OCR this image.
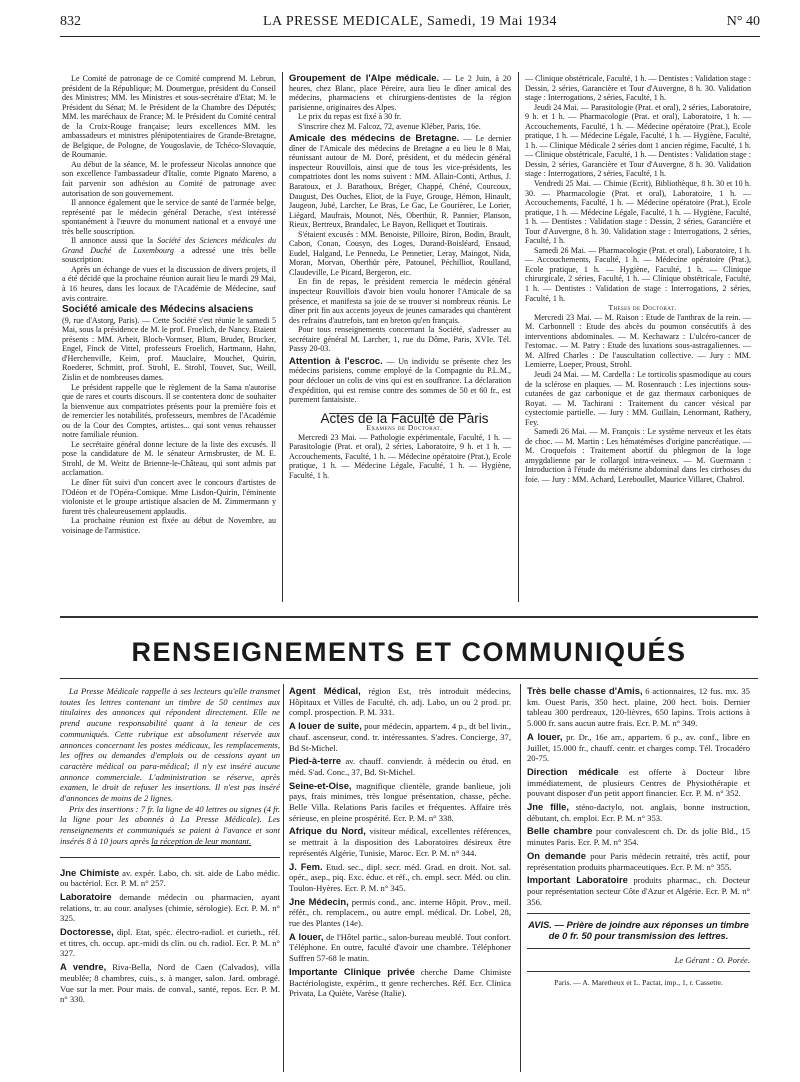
832	LA PRESSE MEDICALE, Samedi, 19 Mai 1934	N° 40

Le Comité de patronage de ce Comité comprend M. Lebrun, président de la République; M. Doumergue, président du Conseil des Ministres; MM. les Ministres et sous-secrétaire d'Etat; M. le Président du Sénat; M. le Président de la Chambre des Députés; MM. les maréchaux de France; M. le Président du Comité central de la Croix-Rouge française; leurs excellences MM. les ambassadeurs et ministres plénipotentiaires de Grande-Bretagne, de Belgique, de Pologne, de Yougoslavie, de Tchéco-Slovaquie, de Roumanie.

Au début de la séance, M. le professeur Nicolas annonce que son excellence l'ambassadeur d'Italie, comte Pignato Mareno, a fait parvenir son adhésion au Comité de patronage avec autorisation de son gouvernement.

Il annonce également que le service de santé de l'armée belge, représenté par le médecin général Derache, s'est intéressé spontanément à l'œuvre du monument national et a envoyé une très belle souscription.

Il annonce aussi que la Société des Sciences médicales du Grand Duché de Luxembourg a adressé une très belle souscription.

Après un échange de vues et la discussion de divers projets, il a été décidé que la prochaine réunion aurait lieu le mardi 29 Mai, à 16 heures, dans les locaux de l'Académie de Médecine, sauf avis contraire.

Société amicale des Médecins alsaciens

(9, rue d'Astorg, Paris). — Cette Société s'est réunie le samedi 5 Mai, sous la présidence de M. le prof. Froelich, de Nancy. Etaient présents : MM. Arbeit, Bloch-Vormser, Blum, Bruder, Brucker, Engel, Finck de Vittel, professeurs Froelich, Hartmann, Hahn, d'Herchenville, Keim, prof. Mauclaire, Mouchet, Quirin, Roederer, Schmitt, prof. Strohl, E. Strohl, Touvet, Suc, Weill, Zislin et de nombreuses dames.

Le président rappelle que le règlement de la Sama n'autorise que de rares et courts discours. Il se contentera donc de souhaiter la bienvenue aux compatriotes présents pour la première fois et de remercier les notabilités, professeurs, membres de l'Académie ou de la Cour des Comptes, artistes... qui sont venus rehausser notre familiale réunion.

Le secrétaire général donne lecture de la liste des excusés. Il pose la candidature de M. le sénateur Armsbruster, de M. E. Strohl, de M. Weitz de Brienne-le-Château, qui sont admis par acclamation.

Le dîner fût suivi d'un concert avec le concours d'artistes de l'Odéon et de l'Opéra-Comique. Mme Lisdon-Quirin, l'éminente violoniste et le groupe artistique alsacien de M. Zimmermann y furent très chaleureusement applaudis.

La prochaine réunion est fixée au début de Novembre, au voisinage de l'armistice.

Groupement de l'Alpe médicale. — Le 2 Juin, à 20 heures, chez Blanc, place Péreire, aura lieu le dîner amical des médecins, pharmaciens et chirurgiens-dentistes de la région parisienne, originaires des Alpes.

Le prix du repas est fixé à 30 fr.

S'inscrire chez M. Falcoz, 72, avenue Kléber, Paris, 16e.

Amicale des médecins de Bretagne. — Le dernier dîner de l'Amicale des médecins de Bretagne a eu lieu le 8 Mai, réunissant autour de M. Doré, président, et du médecin général inspecteur Rouvillois, ainsi que de tous les vice-présidents, les compatriotes dont les noms suivent : MM. Allain-Conti, Arthus, J. Baratoux, et J. Barathoux, Bréger, Chappé, Chéné, Courcoux, Daugust, Des Ouches, Eliot, de la Fuye, Grouge, Hémon, Hinault, Jaugeon, Jubé, Larcher, Le Bras, Le Gac, Le Gourièrec, Le Lorier, Liégard, Maufrais, Mounot, Nés, Oberthür, R. Pannier, Planson, Rieux, Bertreux, Brandalec, Le Bayon, Relliquet et Toutirais.

S'étaient excusés : MM. Benoiste, Pilloire, Biron, Bodin, Brault, Cabon, Conan, Cousyn, des Loges, Durand-Boisléard, Ensaud, Eudel, Halgand, Le Pennedu, Le Pennetier, Leray, Maingot, Nida, Moran, Morvan, Oberthür père, Patounel, Péchilliot, Roulland, Claudeville, Le Picard, Bergeron, etc.

En fin de repas, le président remercia le médecin général inspecteur Rouvillois d'avoir bien voulu honorer l'Amicale de sa présence, et manifesta sa joie de se trouver si nombreux réunis. Le dîner prit fin aux accents joyeux de jeunes camarades qui chantèrent des refrains d'autrefois, tant en breton qu'en français.

Pour tous renseignements concernant la Société, s'adresser au secrétaire général M. Larcher, 1, rue du Dôme, Paris, XVIe. Tél. Passy 20-03.

Attention à l'escroc. — Un individu se présente chez les médecins parisiens, comme employé de la Compagnie du P.L.M., pour déclouer un colis de vins qui est en souffrance. La déclaration d'expédition, qui est remise contre des sommes de 50 et 60 fr., est purement fantaisiste.

Actes de la Faculté de Paris

Examens de Doctorat.

Mercredi 23 Mai. — Pathologie expérimentale, Faculté, 1 h. — Parasitologie (Prat. et oral), 2 séries, Laboratoire, 9 h. et 1 h. — Accouchements, Faculté, 1 h. — Médecine opératoire (Prat.), Ecole pratique, 1 h. — Médecine Légale, Faculté, 1 h. — Hygiène, Faculté, 1 h.

— Clinique obstétricale, Faculté, 1 h. — Dentistes : Validation stage : Dessin, 2 séries, Garancière et Tour d'Auvergne, 8 h. 30. Validation stage : Interrogations, 2 séries, Faculté, 1 h.

Jeudi 24 Mai. — Parasitologie (Prat. et oral), 2 séries, Laboratoire, 9 h. et 1 h. — Pharmacologie (Prat. et oral), Laboratoire, 1 h. — Accouchements, Faculté, 1 h. — Médecine opératoire (Prat.), Ecole pratique, 1 h. — Médecine Légale, Faculté, 1 h. — Hygiène, Faculté, 1 h. — Clinique Médicale 2 séries dont 1 ancien régime, Faculté, 1 h. — Clinique obstétricale, Faculté, 1 h. — Dentistes : Validation stage : Dessin, 2 séries, Garancière et Tour d'Auvergne, 8 h. 30. Validation stage : Interrogations, 2 séries, Faculté, 1 h.

Vendredi 25 Mai. — Chimie (Ecrit), Bibliothèque, 8 h. 30 et 10 h. 30. — Pharmacologie (Prat. et oral), Laboratoire, 1 h. — Accouchements, Faculté, 1 h. — Médecine opératoire (Prat.), Ecole pratique, 1 h. — Médecine Légale, Faculté, 1 h. — Hygiène, Faculté, 1 h. — Dentistes : Validation stage : Dessin, 2 séries, Garancière et Tour d'Auvergne, 8 h. 30. Validation stage : Interrogations, 2 séries, Faculté, 1 h.

Samedi 26 Mai. — Pharmacologie (Prat. et oral), Laboratoire, 1 h. — Accouchements, Faculté, 1 h. — Médecine opératoire (Prat.), Ecole pratique, 1 h. — Hygiène, Faculté, 1 h. — Clinique chirurgicale, 2 séries, Faculté, 1 h. — Clinique obstétricale, Faculté, 1 h. — Dentistes : Validation de stage : Interrogations, 2 séries, Faculté, 1 h.

Thèses de Doctorat.

Mercredi 23 Mai. — M. Raison : Etude de l'anthrax de la rein. — M. Carbonnell : Etude des abcès du poumon consécutifs à des interventions abdominales. — M. Kechawarz : L'ulcéro-cancer de l'estomac. — M. Patry : Etude des luxations sous-astragaliennes. — M. Alfred Charles : De l'auscultation collective. — Jury : MM. Lemierre, Loeper, Proust, Strohl.

Jeudi 24 Mai. — M. Cardella : Le torticolis spasmodique au cours de la sclérose en plaques. — M. Rosenrauch : Les injections sous-cutanées de gaz carbonique et de gaz thermaux carboniques de Royat. — M. Tachirani : Traitement du cancer vésical par cystectomie partielle. — Jury : MM. Guillain, Lenormant, Rathery, Fey.

Samedi 26 Mai. — M. François : Le système nerveux et les états de choc. — M. Martin : Les hématémèses d'origine pancréatique. — M. Croquefois : Traitement abortif du phlegmon de la loge amygdalienne par le collargol intra-veineux. — M. Guermann : Introduction à l'étude du métérisme abdominal dans les cirrhoses du foie. — Jury : MM. Achard, Lereboullet, Maurice Villaret, Chabrol.

RENSEIGNEMENTS ET COMMUNIQUÉS

La Presse Médicale rappelle à ses lecteurs qu'elle transmet toutes les lettres contenant un timbre de 50 centimes aux titulaires des annonces qui répondent directement. Elle ne prend aucune responsabilité quant à la teneur de ces communiqués. Cette rubrique est absolument réservée aux annonces concernant les postes médicaux, les remplacements, les offres ou demandes d'emplois ou de cessions ayant un caractère médical ou para-médical; il n'y est inséré aucune annonce commerciale. L'administration se réserve, après examen, le droit de refuser les insertions. Il n'est pas inséré d'annonces de moins de 2 lignes.

Prix des insertions : 7 fr. la ligne de 40 lettres ou signes (4 fr. la ligne pour les abonnés à La Presse Médicale). Les renseignements et communiqués se paient à l'avance et sont insérés 8 à 10 jours après la réception de leur montant.

Jne Chimiste av. expér. Labo, ch. sit. aide de Labo médic. ou bactériol. Ecr. P. M. n° 257.

Laboratoire demande médecin ou pharmacien, ayant relations, tr. au cour. analyses (chimie, sérologie). Ecr. P. M. n° 325.

Doctoresse, dipl. Etat, spéc. électro-radiol. et curieth., réf. et titres, ch. occup. apr.-midi ds clin. ou ch. radiol. Ecr. P. M. n° 327.

A vendre, Riva-Bella, Nord de Caen (Calvados), villa meublée; 8 chambres, cuis., s. à manger, salon. Jard. ombragé. Vue sur la mer. Pour mais. de conval., santé, repos. Ecr. P. M. n° 330.

Agent Médical, région Est, très introduit médecins, Hôpitaux et Villes de Faculté, ch. adj. Labo, un ou 2 prod. pr. compl. prospection. P. M. 331.

A louer de suite, pour médecin, appartem. 4 p., dt bel livin., chauf. ascenseur, cond. tr. intéressantes. S'adres. Concierge, 37, Bd St-Michel.

Pied-à-terre av. chauff. conviendr. à médecin ou étud. en méd. S'ad. Conc., 37, Bd. St-Michel.

Seine-et-Oise, magnifique clientèle, grande banlieue, joli pays, frais minimes, très longue présentation, chasse, pêche. Belle Villa. Relations Paris faciles et fréquentes. Affaire très sérieuse, en pleine prospérité. Ecr. P. M. n° 338.

Afrique du Nord, visiteur médical, excellentes références, se mettrait à la disposition des Laboratoires désireux être représentés Algérie, Tunisie, Maroc. Ecr. P. M. n° 344.

J. Fem. Etud. sec., dipl. secr. méd. Grad. en droit. Not. sal. opér., asep., piq. Exc. éduc. et réf., ch. empl. secr. Méd. ou clin. Toulon-Hyères. Ecr. P. M. n° 345.

Jne Médecin, permis cond., anc. interne Hôpit. Prov., meil. référ., ch. remplacem., ou autre empl. médical. Dr. Lobel, 28, rue des Plantes (14e).

A louer, de l'Hôtel partic., salon-bureau meublé. Tout confort. Téléphone. En outre, faculté d'avoir une chambre. Téléphoner Suffren 57-68 le matin.

Importante Clinique privée cherche Dame Chimiste Bactériologiste, expérim., tt genre recherches. Réf. Ecr. Clinica Privata, La Quiète, Varèse (Italie).

Très belle chasse d'Amis, 6 actionnaires, 12 fus. mx. 35 km. Ouest Paris, 350 hect. plaine, 200 hect. bois. Dernier tableau 300 perdreaux, 120-lièvres, 650 lapins. Trois actions à 5.000 fr. sans aucun autre frais. Ecr. P. M. n° 349.

A louer, pr. Dr., 16e arr., appartem. 6 p., av. conf., libre en Juillet, 15.000 fr., chauff. centr. et charges comp. Tél. Trocadéro 20-75.

Direction médicale est offerte à Docteur libre immédiatement, de plusieurs Centres de Physiothérapie et pouvant disposer d'un petit apport financier. Ecr. P. M. n° 352.

Jne fille, sténo-dactylo, not. anglais, bonne instruction, débutant, ch. emploi. Ecr. P. M. n° 353.

Belle chambre pour convalescent ch. Dr. ds jolie Bld., 15 minutes Paris. Ecr. P. M. n° 354.

On demande pour Paris médecin retraité, très actif, pour représentation produits pharmaceutiques. Ecr. P. M. n° 355.

Important Laboratoire produits pharmac., ch. Docteur pour représentation secteur Côte d'Azur et Algérie. Ecr. P. M. n° 356.

AVIS. — Prière de joindre aux réponses un timbre de 0 fr. 50 pour transmission des lettres.

Le Gérant : O. Porée.

Paris. — A. Maretheux et L. Pactat, imp., 1, r. Cassette.
